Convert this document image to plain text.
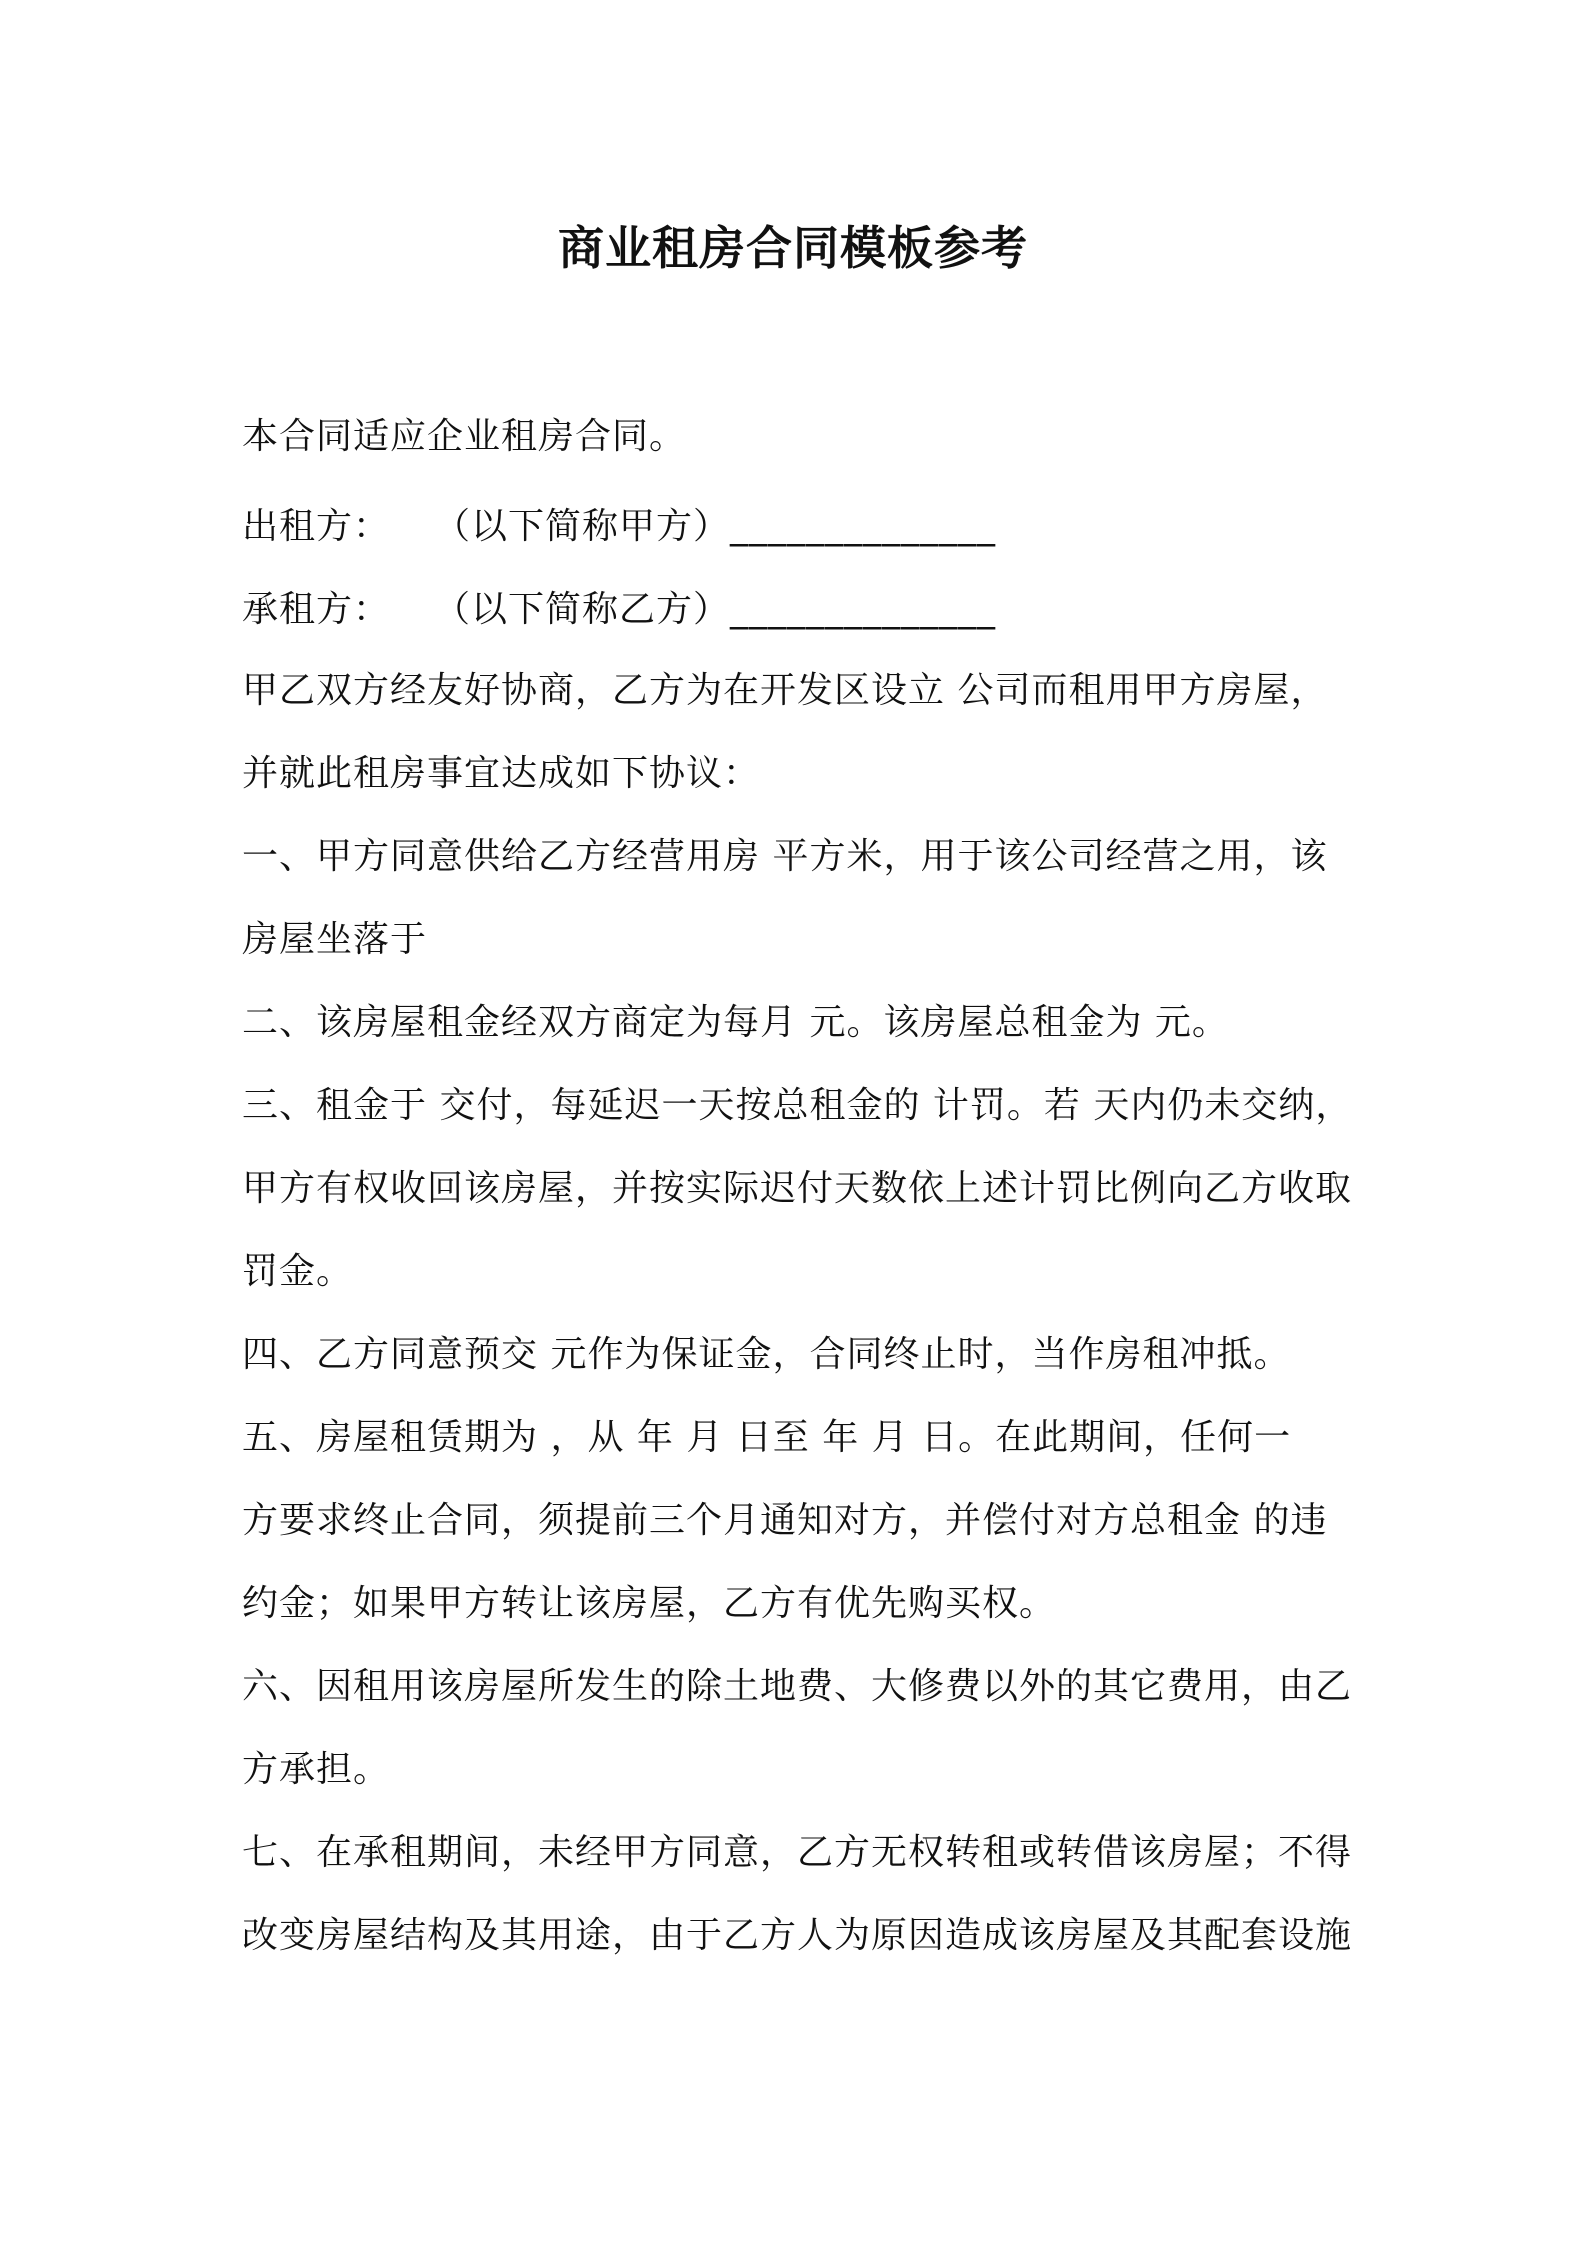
商业租房合同模板参考
本合同适应企业租房合同。
出租方： （以下简称甲方）______________
承租方： （以下简称乙方）______________
甲乙双方经友好协商，乙方为在开发区设立 公司而租用甲方房屋，
并就此租房事宜达成如下协议：
一、甲方同意供给乙方经营用房 平方米，用于该公司经营之用，该
房屋坐落于
二、该房屋租金经双方商定为每月 元。该房屋总租金为 元。
三、租金于 交付，每延迟一天按总租金的 计罚。若 天内仍未交纳，
甲方有权收回该房屋，并按实际迟付天数依上述计罚比例向乙方收取
罚金。
四、乙方同意预交 元作为保证金，合同终止时，当作房租冲抵。
五、房屋租赁期为 ，从 年 月 日至 年 月 日。在此期间，任何一
方要求终止合同，须提前三个月通知对方，并偿付对方总租金 的违
约金；如果甲方转让该房屋，乙方有优先购买权。
六、因租用该房屋所发生的除土地费、大修费以外的其它费用，由乙
方承担。
七、在承租期间，未经甲方同意，乙方无权转租或转借该房屋；不得
改变房屋结构及其用途，由于乙方人为原因造成该房屋及其配套设施
